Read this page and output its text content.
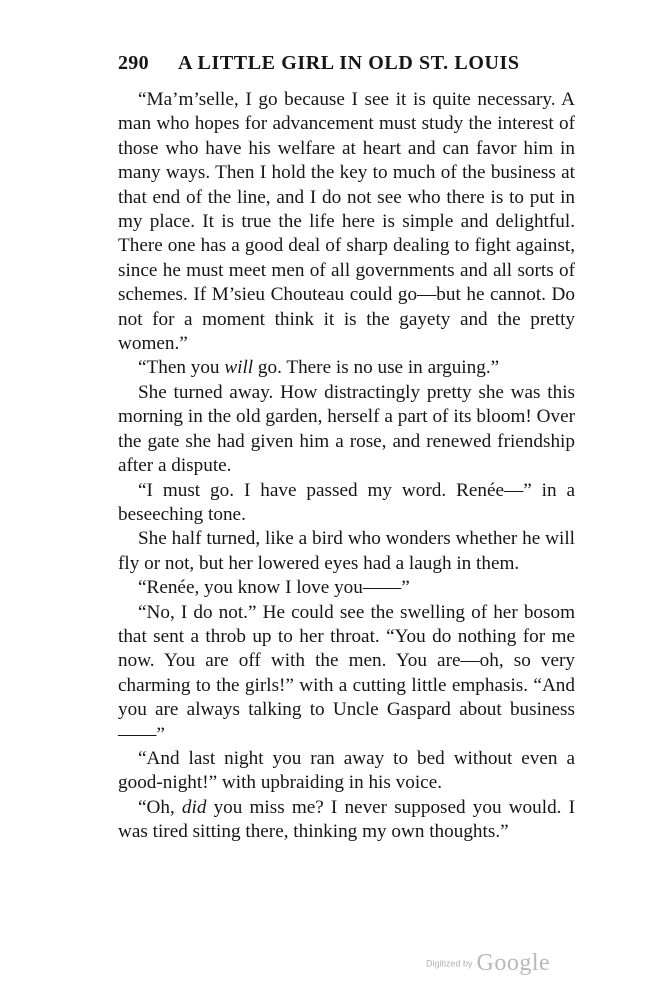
290 A LITTLE GIRL IN OLD ST. LOUIS

“Ma’m’selle, I go because I see it is quite necessary. A man who hopes for advancement must study the interest of those who have his welfare at heart and can favor him in many ways. Then I hold the key to much of the business at that end of the line, and I do not see who there is to put in my place. It is true the life here is simple and delightful. There one has a good deal of sharp dealing to fight against, since he must meet men of all governments and all sorts of schemes. If M’sieu Chouteau could go—but he cannot. Do not for a moment think it is the gayety and the pretty women.”

“Then you will go. There is no use in arguing.”

She turned away. How distractingly pretty she was this morning in the old garden, herself a part of its bloom! Over the gate she had given him a rose, and renewed friendship after a dispute.

“I must go. I have passed my word. Renée—” in a beseeching tone.

She half turned, like a bird who wonders whether he will fly or not, but her lowered eyes had a laugh in them.

“Renée, you know I love you——”

“No, I do not.” He could see the swelling of her bosom that sent a throb up to her throat. “You do nothing for me now. You are off with the men. You are—oh, so very charming to the girls!” with a cutting little emphasis. “And you are always talking to Uncle Gaspard about business——”

“And last night you ran away to bed without even a good-night!” with upbraiding in his voice.

“Oh, did you miss me? I never supposed you would. I was tired sitting there, thinking my own thoughts.”

Digitized by Google
